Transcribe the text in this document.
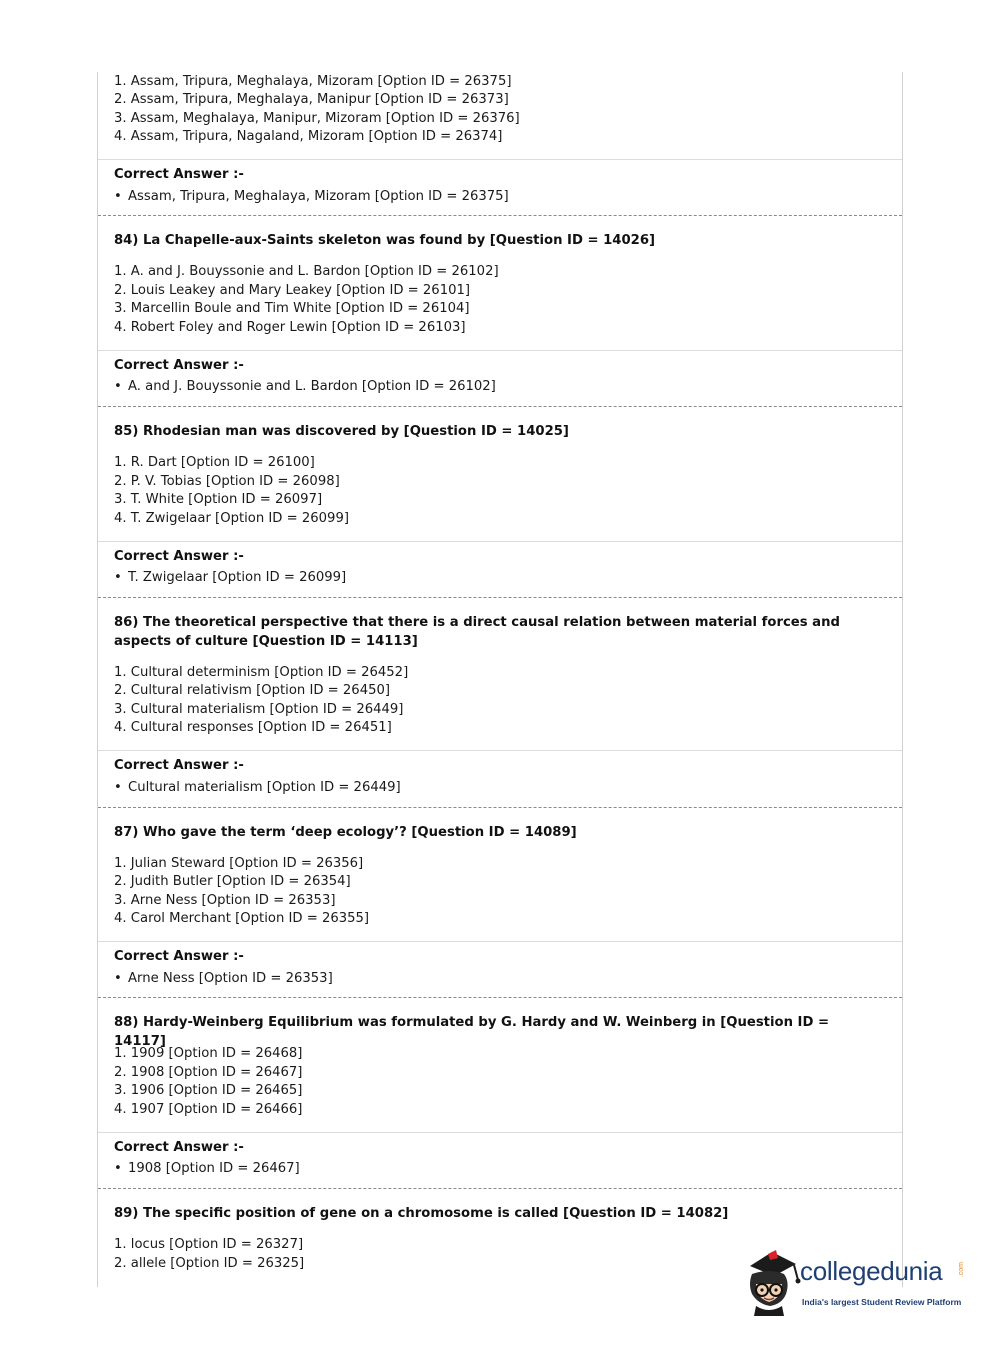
1. Assam, Tripura, Meghalaya, Mizoram [Option ID = 26375]
2. Assam, Tripura, Meghalaya, Manipur [Option ID = 26373]
3. Assam, Meghalaya, Manipur, Mizoram [Option ID = 26376]
4. Assam, Tripura, Nagaland, Mizoram [Option ID = 26374]
Correct Answer :-
• Assam, Tripura, Meghalaya, Mizoram [Option ID = 26375]
84) La Chapelle-aux-Saints skeleton was found by [Question ID = 14026]
1. A. and J. Bouyssonie and L. Bardon [Option ID = 26102]
2. Louis Leakey and Mary Leakey [Option ID = 26101]
3. Marcellin Boule and Tim White [Option ID = 26104]
4. Robert Foley and Roger Lewin [Option ID = 26103]
Correct Answer :-
• A. and J. Bouyssonie and L. Bardon [Option ID = 26102]
85) Rhodesian man was discovered by [Question ID = 14025]
1. R. Dart [Option ID = 26100]
2. P. V. Tobias [Option ID = 26098]
3. T. White [Option ID = 26097]
4. T. Zwigelaar [Option ID = 26099]
Correct Answer :-
• T. Zwigelaar [Option ID = 26099]
86) The theoretical perspective that there is a direct causal relation between material forces and aspects of culture [Question ID = 14113]
1. Cultural determinism [Option ID = 26452]
2. Cultural relativism [Option ID = 26450]
3. Cultural materialism [Option ID = 26449]
4. Cultural responses [Option ID = 26451]
Correct Answer :-
• Cultural materialism [Option ID = 26449]
87) Who gave the term ‘deep ecology’? [Question ID = 14089]
1. Julian Steward [Option ID = 26356]
2. Judith Butler [Option ID = 26354]
3. Arne Ness [Option ID = 26353]
4. Carol Merchant [Option ID = 26355]
Correct Answer :-
• Arne Ness [Option ID = 26353]
88) Hardy-Weinberg Equilibrium was formulated by G. Hardy and W. Weinberg in [Question ID = 14117]
1. 1909 [Option ID = 26468]
2. 1908 [Option ID = 26467]
3. 1906 [Option ID = 26465]
4. 1907 [Option ID = 26466]
Correct Answer :-
• 1908 [Option ID = 26467]
89) The specific position of gene on a chromosome is called [Question ID = 14082]
1. locus [Option ID = 26327]
2. allele [Option ID = 26325]	collegedunia .com
India's largest Student Review Platform
